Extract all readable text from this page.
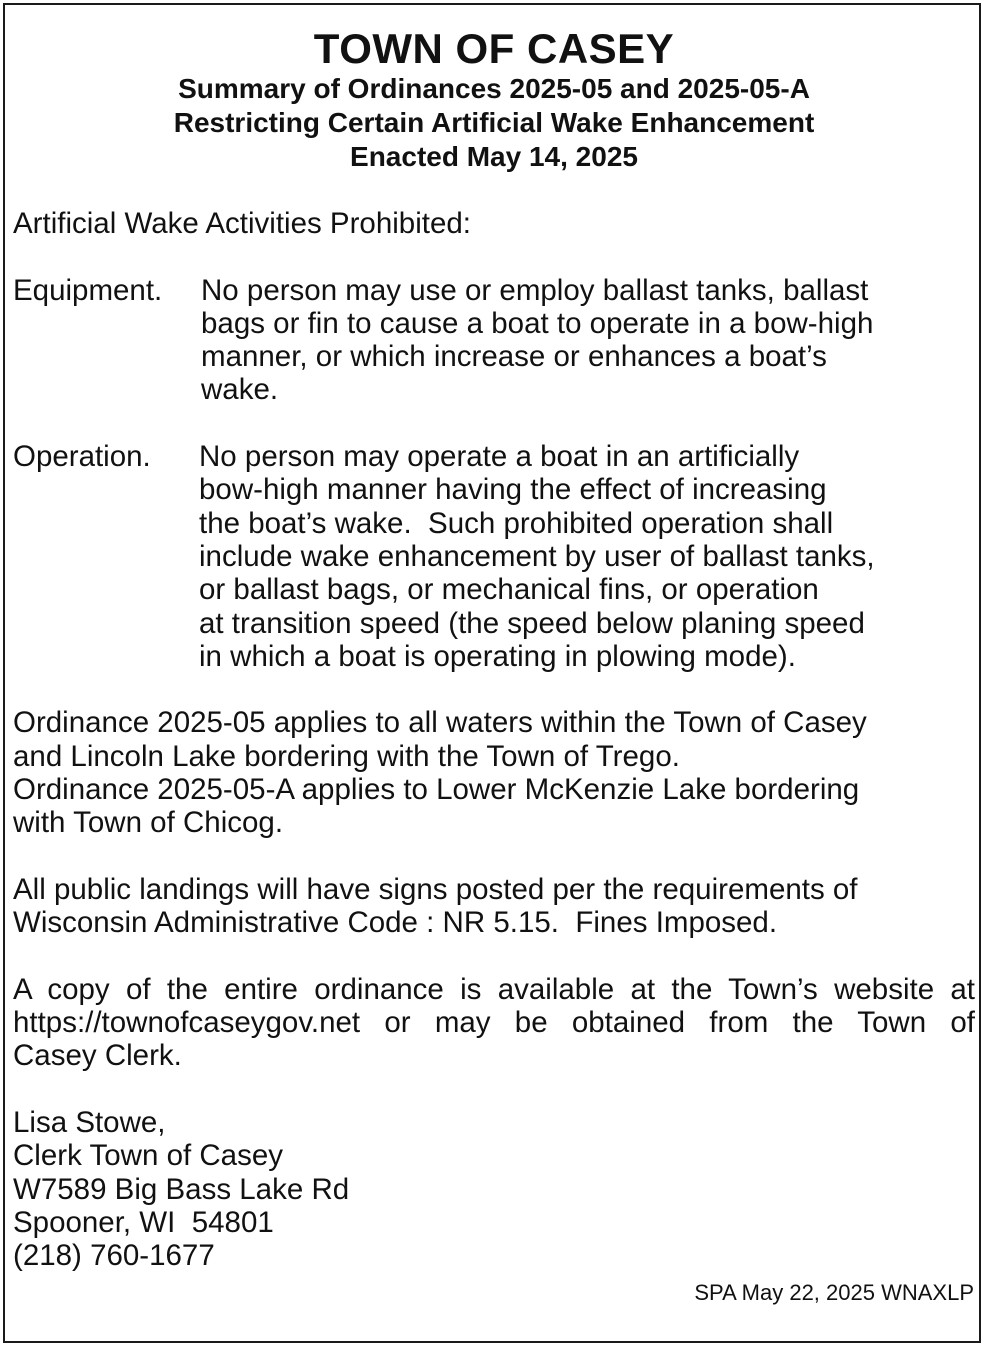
TOWN OF CASEY
Summary of Ordinances 2025-05 and 2025-05-A
Restricting Certain Artificial Wake Enhancement
Enacted May 14, 2025
Artificial Wake Activities Prohibited:
Equipment.	No person may use or employ ballast tanks, ballast
bags or fin to cause a boat to operate in a bow-high
manner, or which increase or enhances a boat’s
wake.
Operation.	No person may operate a boat in an artificially
bow-high manner having the effect of increasing
the boat’s wake.  Such prohibited operation shall
include wake enhancement by user of ballast tanks,
or ballast bags, or mechanical fins, or operation
at transition speed (the speed below planing speed
in which a boat is operating in plowing mode).
Ordinance 2025-05 applies to all waters within the Town of Casey
and Lincoln Lake bordering with the Town of Trego.
Ordinance 2025-05-A applies to Lower McKenzie Lake bordering
with Town of Chicog.
All public landings will have signs posted per the requirements of
Wisconsin Administrative Code : NR 5.15.  Fines Imposed.
A copy of the entire ordinance is available at the Town’s website at
https://townofcaseygov.net or may be obtained from the Town of
Casey Clerk.
Lisa Stowe,
Clerk Town of Casey
W7589 Big Bass Lake Rd
Spooner, WI  54801
(218) 760-1677
SPA May 22, 2025 WNAXLP
